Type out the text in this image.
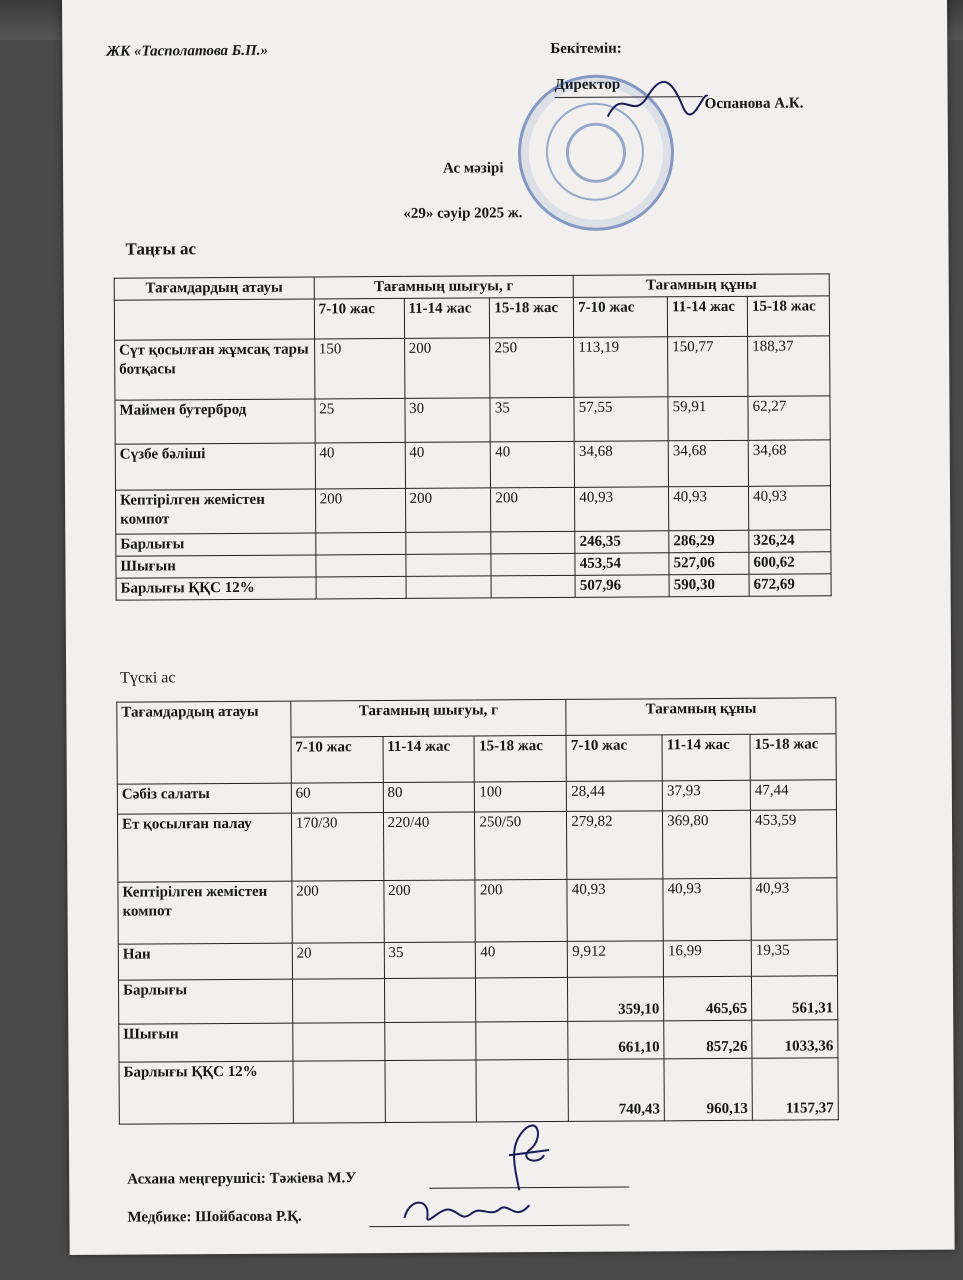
ЖК «Тасполатова Б.П.»	Бекітемін:
Директор
Оспанова А.К.
Ас мәзірі
«29» сәуір 2025 ж.
Таңғы ас
Тағамдардың атауы	Тағамның шығуы, г			Тағамның құны		
	7-10 жас	11-14 жас	15-18 жас	7-10 жас	11-14 жас	15-18 жас
Сүт қосылған жұмсақ тары ботқасы	150	200	250	113,19	150,77	188,37
Маймен бутерброд	25	30	35	57,55	59,91	62,27
Сүзбе бәліші	40	40	40	34,68	34,68	34,68
Кептірілген жемістен компот	200	200	200	40,93	40,93	40,93
Барлығы				246,35	286,29	326,24
Шығын				453,54	527,06	600,62
Барлығы ҚҚС 12%				507,96	590,30	672,69
Түскі ас
Тағамдардың атауы	Тағамның шығуы, г			Тағамның құны		
	7-10 жас	11-14 жас	15-18 жас	7-10 жас	11-14 жас	15-18 жас
Сәбіз салаты	60	80	100	28,44	37,93	47,44
Ет қосылған палау	170/30	220/40	250/50	279,82	369,80	453,59
Кептірілген жемістен компот	200	200	200	40,93	40,93	40,93
Нан	20	35	40	9,912	16,99	19,35
Барлығы				359,10	465,65	561,31
Шығын				661,10	857,26	1033,36
Барлығы ҚҚС 12%				740,43	960,13	1157,37
Асхана меңгерушісі: Тәжіева М.У
Медбике: Шойбасова Р.Қ.
